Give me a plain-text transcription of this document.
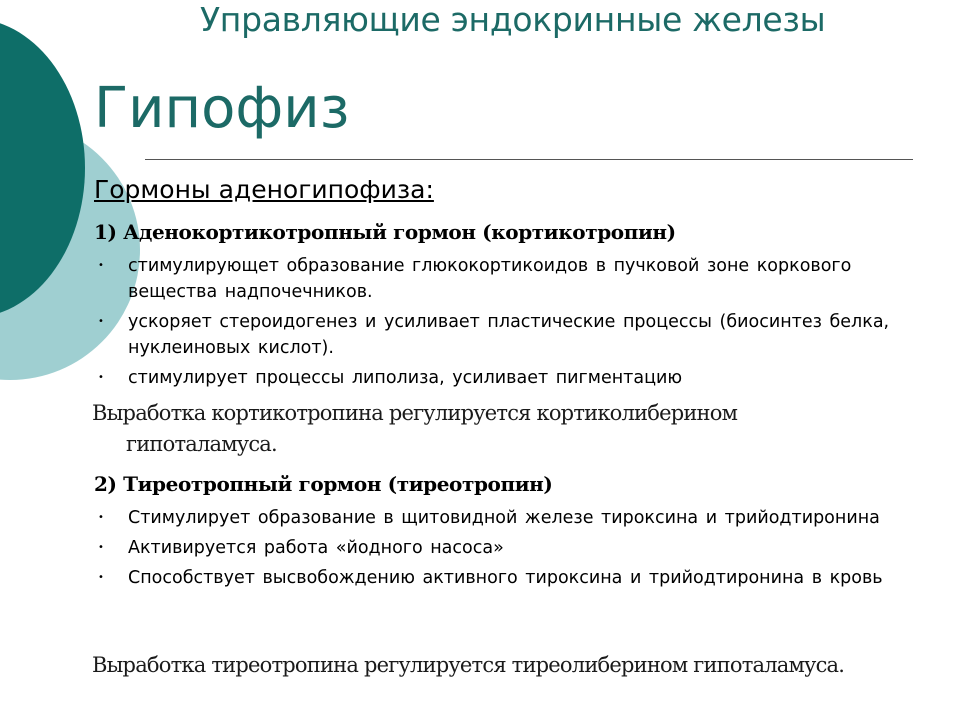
Управляющие эндокринные железы
Гипофиз
Гормоны аденогипофиза:
1) Аденокортикотропный гормон (кортикотропин)
• стимулирующет образование глюкокортикоидов в пучковой зоне коркового вещества надпочечников.
• ускоряет стероидогенез и усиливает пластические процессы (биосинтез белка, нуклеиновых кислот).
• стимулирует процессы липолиза, усиливает пигментацию
Выработка кортикотропина регулируется кортиколиберином
гипоталамуса.
2) Тиреотропный гормон (тиреотропин)
• Стимулирует образование в щитовидной железе тироксина и трийодтиронина
• Активируется работа «йодного насоса»
• Способствует высвобождению активного тироксина и трийодтиронина в кровь
Выработка тиреотропина регулируется тиреолиберином гипоталамуса.
